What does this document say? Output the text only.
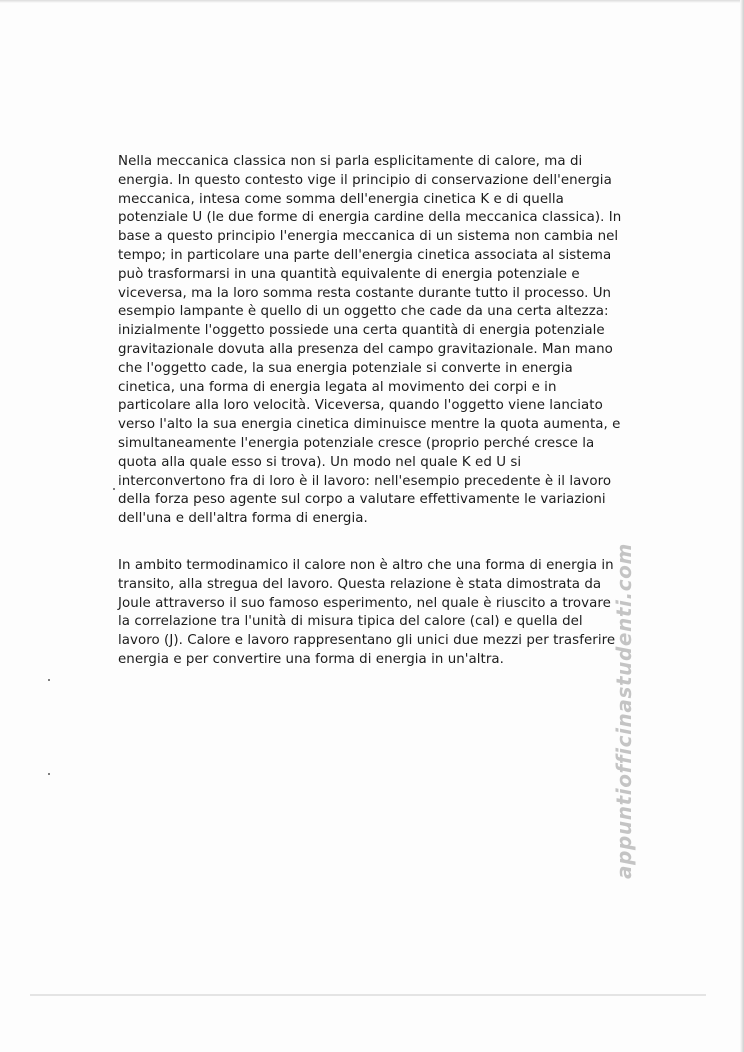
Nella meccanica classica non si parla esplicitamente di calore, ma di
energia. In questo contesto vige il principio di conservazione dell'energia
meccanica, intesa come somma dell'energia cinetica K e di quella
potenziale U (le due forme di energia cardine della meccanica classica). In
base a questo principio l'energia meccanica di un sistema non cambia nel
tempo; in particolare una parte dell'energia cinetica associata al sistema
può trasformarsi in una quantità equivalente di energia potenziale e
viceversa, ma la loro somma resta costante durante tutto il processo. Un
esempio lampante è quello di un oggetto che cade da una certa altezza:
inizialmente l'oggetto possiede una certa quantità di energia potenziale
gravitazionale dovuta alla presenza del campo gravitazionale. Man mano
che l'oggetto cade, la sua energia potenziale si converte in energia
cinetica, una forma di energia legata al movimento dei corpi e in
particolare alla loro velocità. Viceversa, quando l'oggetto viene lanciato
verso l'alto la sua energia cinetica diminuisce mentre la quota aumenta, e
simultaneamente l'energia potenziale cresce (proprio perché cresce la
quota alla quale esso si trova). Un modo nel quale K ed U si
interconvertono fra di loro è il lavoro: nell'esempio precedente è il lavoro
della forza peso agente sul corpo a valutare effettivamente le variazioni
dell'una e dell'altra forma di energia.

In ambito termodinamico il calore non è altro che una forma di energia in
transito, alla stregua del lavoro. Questa relazione è stata dimostrata da
Joule attraverso il suo famoso esperimento, nel quale è riuscito a trovare
la correlazione tra l'unità di misura tipica del calore (cal) e quella del
lavoro (J). Calore e lavoro rappresentano gli unici due mezzi per trasferire
energia e per convertire una forma di energia in un'altra.	appuntiofficinastudenti.com
